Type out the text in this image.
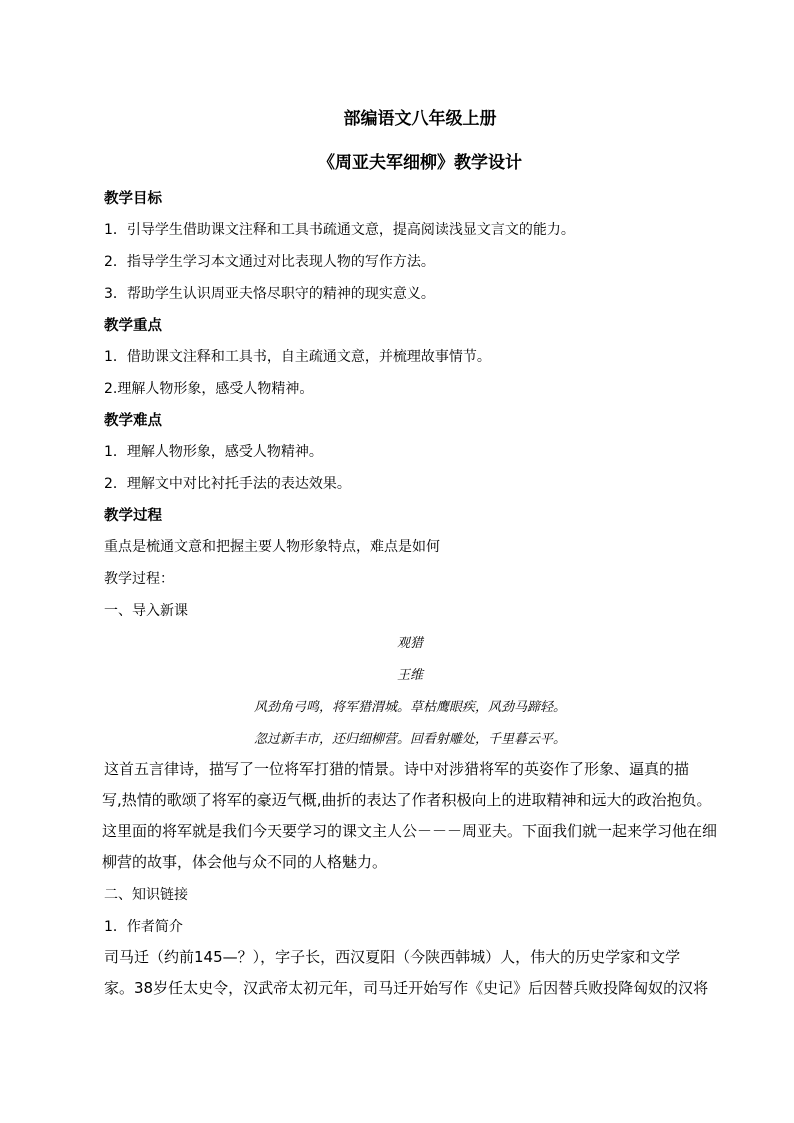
部编语文八年级上册
《周亚夫军细柳》教学设计
教学目标
1．引导学生借助课文注释和工具书疏通文意，提高阅读浅显文言文的能力。
2．指导学生学习本文通过对比表现人物的写作方法。
3．帮助学生认识周亚夫恪尽职守的精神的现实意义。
教学重点
1．借助课文注释和工具书，自主疏通文意，并梳理故事情节。
2.理解人物形象，感受人物精神。
教学难点
1．理解人物形象，感受人物精神。
2．理解文中对比衬托手法的表达效果。
教学过程
重点是梳通文意和把握主要人物形象特点，难点是如何
教学过程：
一、导入新课
观猎
王维
风劲角弓鸣，将军猎渭城。草枯鹰眼疾，风劲马蹄轻。
忽过新丰市，还归细柳营。回看射雕处，千里暮云平。
这首五言律诗，描写了一位将军打猎的情景。诗中对涉猎将军的英姿作了形象、逼真的描
写,热情的歌颂了将军的豪迈气概,曲折的表达了作者积极向上的进取精神和远大的政治抱负。
这里面的将军就是我们今天要学习的课文主人公－－－周亚夫。下面我们就一起来学习他在细
柳营的故事，体会他与众不同的人格魅力。
二、知识链接
1．作者简介
司马迁（约前145—？），字子长，西汉夏阳（今陕西韩城）人，伟大的历史学家和文学
家。38岁任太史令，汉武帝太初元年，司马迁开始写作《史记》后因替兵败投降匈奴的汉将
